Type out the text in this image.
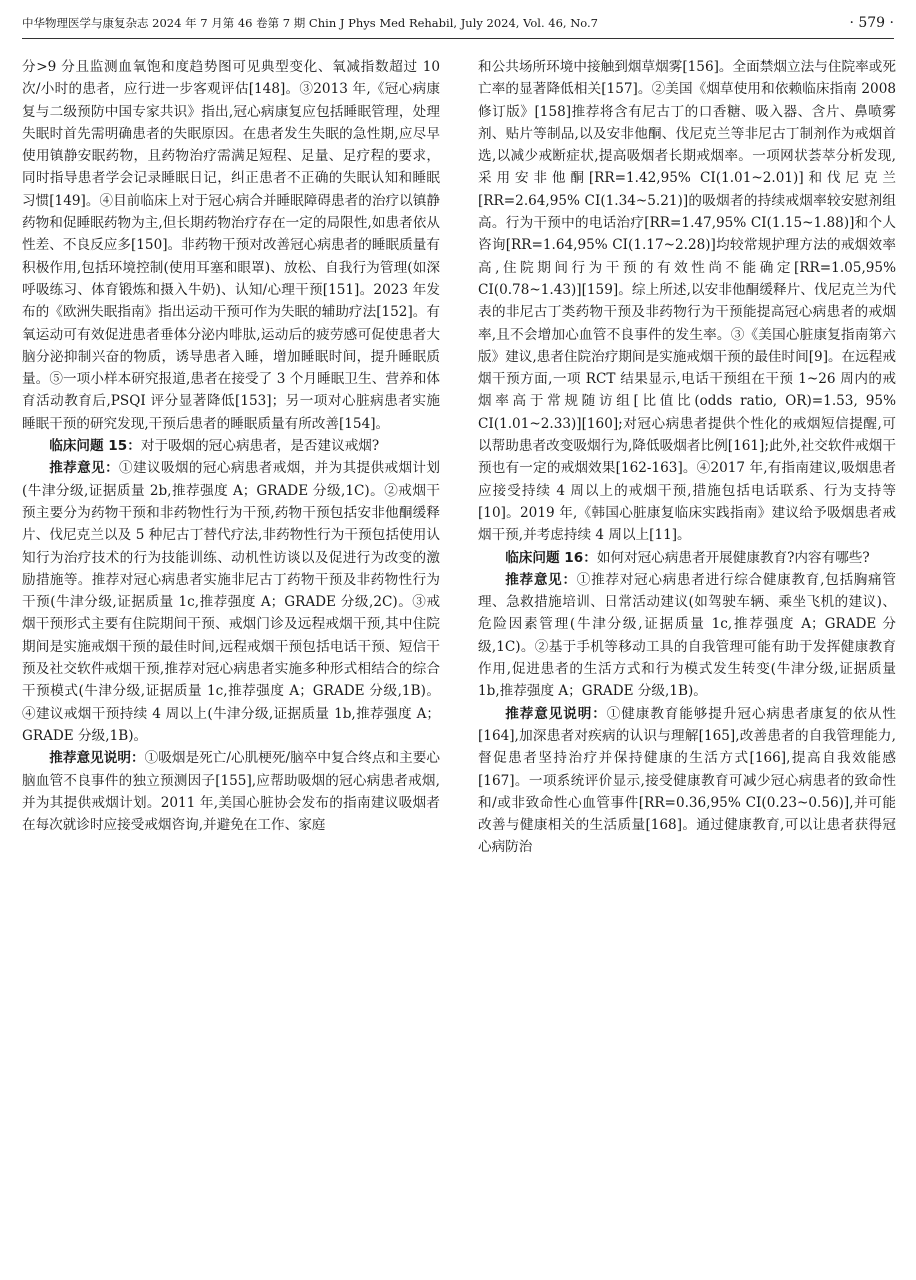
中华物理医学与康复杂志 2024 年 7 月第 46 卷第 7 期 Chin J Phys Med Rehabil, July 2024, Vol. 46, No.7	· 579 ·

分>9 分且监测血氧饱和度趋势图可见典型变化、氧减指数超过 10 次/小时的患者，应行进一步客观评估[148]。③2013 年,《冠心病康复与二级预防中国专家共识》指出,冠心病康复应包括睡眠管理，处理失眠时首先需明确患者的失眠原因。在患者发生失眠的急性期,应尽早使用镇静安眠药物，且药物治疗需满足短程、足量、足疗程的要求，同时指导患者学会记录睡眠日记，纠正患者不正确的失眠认知和睡眠习惯[149]。④目前临床上对于冠心病合并睡眠障碍患者的治疗以镇静药物和促睡眠药物为主,但长期药物治疗存在一定的局限性,如患者依从性差、不良反应多[150]。非药物干预对改善冠心病患者的睡眠质量有积极作用,包括环境控制(使用耳塞和眼罩)、放松、自我行为管理(如深呼吸练习、体育锻炼和摄入牛奶)、认知/心理干预[151]。2023 年发布的《欧洲失眠指南》指出运动干预可作为失眠的辅助疗法[152]。有氧运动可有效促进患者垂体分泌内啡肽,运动后的疲劳感可促使患者大脑分泌抑制兴奋的物质，诱导患者入睡，增加睡眠时间，提升睡眠质量。⑤一项小样本研究报道,患者在接受了 3 个月睡眠卫生、营养和体育活动教育后,PSQI 评分显著降低[153]；另一项对心脏病患者实施睡眠干预的研究发现,干预后患者的睡眠质量有所改善[154]。

临床问题 15：对于吸烟的冠心病患者，是否建议戒烟?

推荐意见：①建议吸烟的冠心病患者戒烟，并为其提供戒烟计划(牛津分级,证据质量 2b,推荐强度 A；GRADE 分级,1C)。②戒烟干预主要分为药物干预和非药物性行为干预,药物干预包括安非他酮缓释片、伐尼克兰以及 5 种尼古丁替代疗法,非药物性行为干预包括使用认知行为治疗技术的行为技能训练、动机性访谈以及促进行为改变的激励措施等。推荐对冠心病患者实施非尼古丁药物干预及非药物性行为干预(牛津分级,证据质量 1c,推荐强度 A；GRADE 分级,2C)。③戒烟干预形式主要有住院期间干预、戒烟门诊及远程戒烟干预,其中住院期间是实施戒烟干预的最佳时间,远程戒烟干预包括电话干预、短信干预及社交软件戒烟干预,推荐对冠心病患者实施多种形式相结合的综合干预模式(牛津分级,证据质量 1c,推荐强度 A；GRADE 分级,1B)。④建议戒烟干预持续 4 周以上(牛津分级,证据质量 1b,推荐强度 A；GRADE 分级,1B)。

推荐意见说明：①吸烟是死亡/心肌梗死/脑卒中复合终点和主要心脑血管不良事件的独立预测因子[155],应帮助吸烟的冠心病患者戒烟,并为其提供戒烟计划。2011 年,美国心脏协会发布的指南建议吸烟者在每次就诊时应接受戒烟咨询,并避免在工作、家庭

和公共场所环境中接触到烟草烟雾[156]。全面禁烟立法与住院率或死亡率的显著降低相关[157]。②美国《烟草使用和依赖临床指南 2008 修订版》[158]推荐将含有尼古丁的口香糖、吸入器、含片、鼻喷雾剂、贴片等制品,以及安非他酮、伐尼克兰等非尼古丁制剂作为戒烟首选,以减少戒断症状,提高吸烟者长期戒烟率。一项网状荟萃分析发现,采用安非他酮[RR=1.42,95% CI(1.01~2.01)]和伐尼克兰[RR=2.64,95% CI(1.34~5.21)]的吸烟者的持续戒烟率较安慰剂组高。行为干预中的电话治疗[RR=1.47,95% CI(1.15~1.88)]和个人咨询[RR=1.64,95% CI(1.17~2.28)]均较常规护理方法的戒烟效率高,住院期间行为干预的有效性尚不能确定[RR=1.05,95% CI(0.78~1.43)][159]。综上所述,以安非他酮缓释片、伐尼克兰为代表的非尼古丁类药物干预及非药物行为干预能提高冠心病患者的戒烟率,且不会增加心血管不良事件的发生率。③《美国心脏康复指南第六版》建议,患者住院治疗期间是实施戒烟干预的最佳时间[9]。在远程戒烟干预方面,一项 RCT 结果显示,电话干预组在干预 1~26 周内的戒烟率高于常规随访组[比值比(odds ratio, OR)=1.53, 95% CI(1.01~2.33)][160];对冠心病患者提供个性化的戒烟短信提醒,可以帮助患者改变吸烟行为,降低吸烟者比例[161];此外,社交软件戒烟干预也有一定的戒烟效果[162-163]。④2017 年,有指南建议,吸烟患者应接受持续 4 周以上的戒烟干预,措施包括电话联系、行为支持等[10]。2019 年,《韩国心脏康复临床实践指南》建议给予吸烟患者戒烟干预,并考虑持续 4 周以上[11]。

临床问题 16：如何对冠心病患者开展健康教育?内容有哪些?

推荐意见：①推荐对冠心病患者进行综合健康教育,包括胸痛管理、急救措施培训、日常活动建议(如驾驶车辆、乘坐飞机的建议)、危险因素管理(牛津分级,证据质量 1c,推荐强度 A；GRADE 分级,1C)。②基于手机等移动工具的自我管理可能有助于发挥健康教育作用,促进患者的生活方式和行为模式发生转变(牛津分级,证据质量 1b,推荐强度 A；GRADE 分级,1B)。

推荐意见说明：①健康教育能够提升冠心病患者康复的依从性[164],加深患者对疾病的认识与理解[165],改善患者的自我管理能力,督促患者坚持治疗并保持健康的生活方式[166],提高自我效能感[167]。一项系统评价显示,接受健康教育可减少冠心病患者的致命性和/或非致命性心血管事件[RR=0.36,95% CI(0.23~0.56)],并可能改善与健康相关的生活质量[168]。通过健康教育,可以让患者获得冠心病防治
